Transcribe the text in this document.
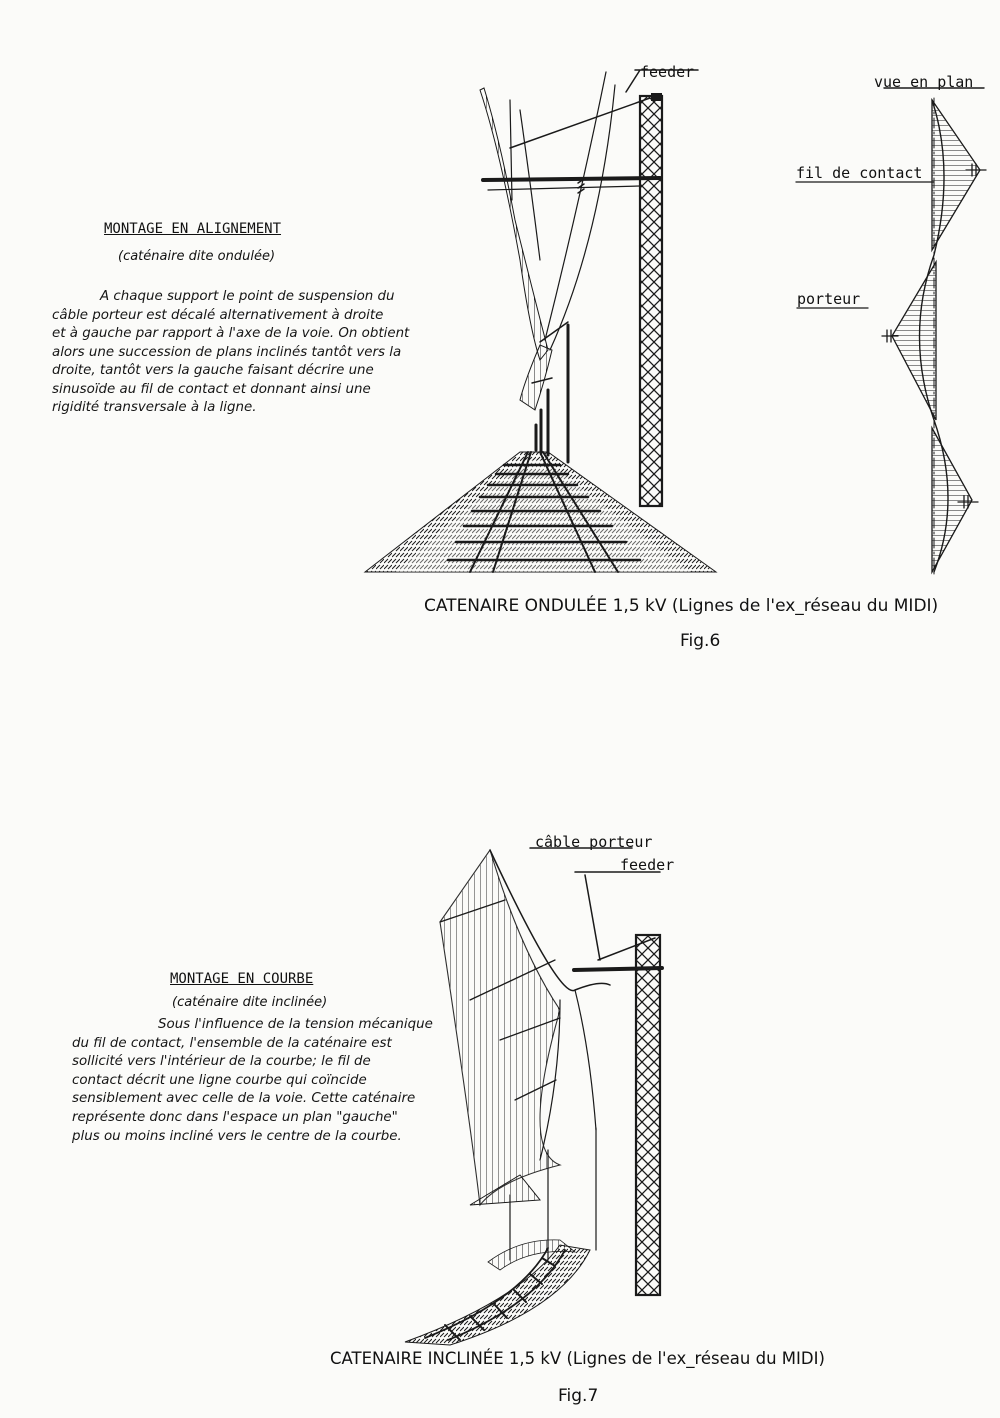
MONTAGE EN ALIGNEMENT
(caténaire dite ondulée)
A chaque support le point de suspension du
câble porteur est décalé alternativement à droite
et à gauche par rapport à l'axe de la voie. On obtient
alors une succession de plans inclinés tantôt vers la
droite, tantôt vers la gauche faisant décrire une
sinusoïde au fil de contact et donnant ainsi une
rigidité transversale à la ligne.
feeder
vue en plan
fil de contact
porteur
CATENAIRE ONDULÉE 1,5 kV (Lignes de l'ex_réseau du MIDI)
Fig.6
câble porteur
feeder
MONTAGE EN COURBE
(caténaire dite inclinée)
Sous l'influence de la tension mécanique
du fil de contact, l'ensemble de la caténaire est
sollicité vers l'intérieur de la courbe; le fil de
contact décrit une ligne courbe qui coïncide
sensiblement avec celle de la voie. Cette caténaire
représente donc dans l'espace un plan "gauche"
plus ou moins incliné vers le centre de la courbe.
CATENAIRE INCLINÉE 1,5 kV (Lignes de l'ex_réseau du MIDI)
Fig.7
